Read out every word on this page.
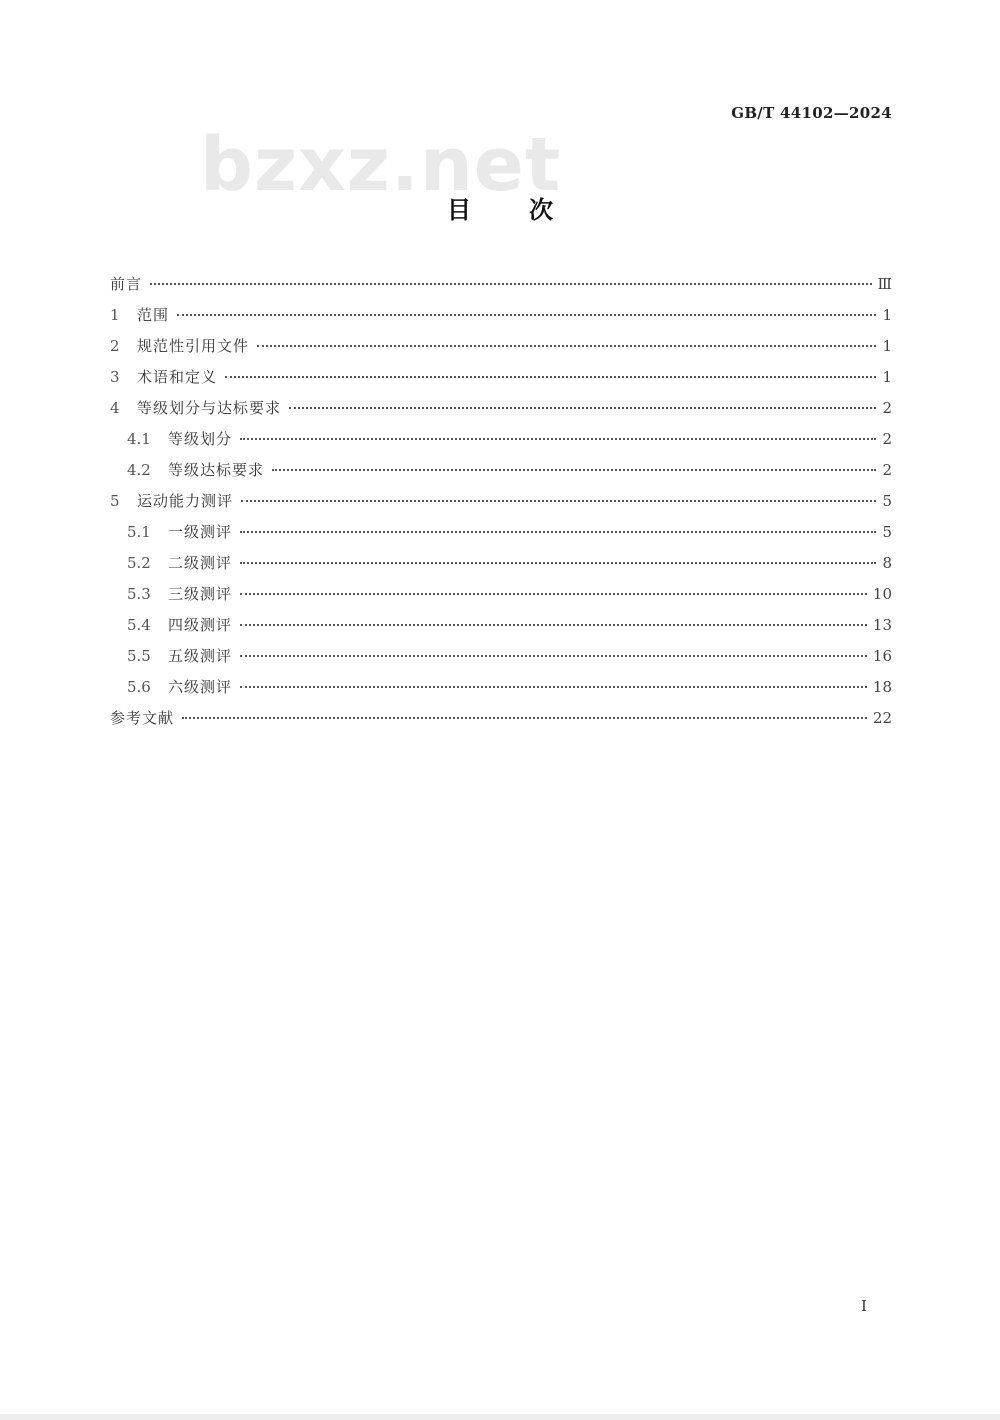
GB/T 44102—2024
bzxz.net
目次
前言	Ⅲ
1	范围	1
2	规范性引用文件	1
3	术语和定义	1
4	等级划分与达标要求	2
4.1	等级划分	2
4.2	等级达标要求	2
5	运动能力测评	5
5.1	一级测评	5
5.2	二级测评	8
5.3	三级测评	10
5.4	四级测评	13
5.5	五级测评	16
5.6	六级测评	18
参考文献	22
I
